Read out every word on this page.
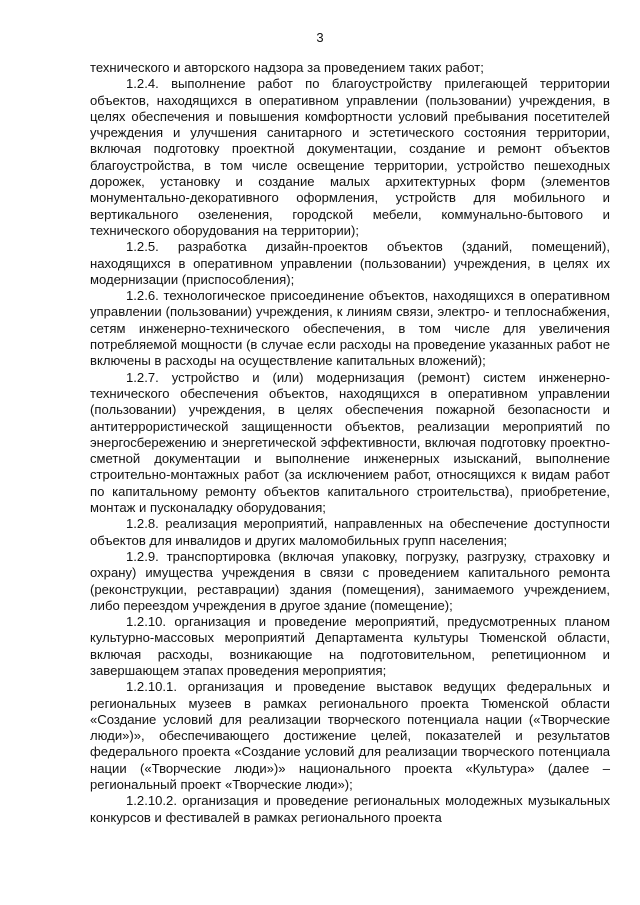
3

технического и авторского надзора за проведением таких работ;

1.2.4. выполнение работ по благоустройству прилегающей территории объектов, находящихся в оперативном управлении (пользовании) учреждения, в целях обеспечения и повышения комфортности условий пребывания посетителей учреждения и улучшения санитарного и эстетического состояния территории, включая подготовку проектной документации, создание и ремонт объектов благоустройства, в том числе освещение территории, устройство пешеходных дорожек, установку и создание малых архитектурных форм (элементов монументально-декоративного оформления, устройств для мобильного и вертикального озеленения, городской мебели, коммунально-бытового и технического оборудования на территории);

1.2.5. разработка дизайн-проектов объектов (зданий, помещений), находящихся в оперативном управлении (пользовании) учреждения, в целях их модернизации (приспособления);

1.2.6. технологическое присоединение объектов, находящихся в оперативном управлении (пользовании) учреждения, к линиям связи, электро- и теплоснабжения, сетям инженерно-технического обеспечения, в том числе для увеличения потребляемой мощности (в случае если расходы на проведение указанных работ не включены в расходы на осуществление капитальных вложений);

1.2.7. устройство и (или) модернизация (ремонт) систем инженерно-технического обеспечения объектов, находящихся в оперативном управлении (пользовании) учреждения, в целях обеспечения пожарной безопасности и антитеррористической защищенности объектов, реализации мероприятий по энергосбережению и энергетической эффективности, включая подготовку проектно-сметной документации и выполнение инженерных изысканий, выполнение строительно-монтажных работ (за исключением работ, относящихся к видам работ по капитальному ремонту объектов капитального строительства), приобретение, монтаж и пусконаладку оборудования;

1.2.8. реализация мероприятий, направленных на обеспечение доступности объектов для инвалидов и других маломобильных групп населения;

1.2.9. транспортировка (включая упаковку, погрузку, разгрузку, страховку и охрану) имущества учреждения в связи с проведением капитального ремонта (реконструкции, реставрации) здания (помещения), занимаемого учреждением, либо переездом учреждения в другое здание (помещение);

1.2.10. организация и проведение мероприятий, предусмотренных планом культурно-массовых мероприятий Департамента культуры Тюменской области, включая расходы, возникающие на подготовительном, репетиционном и завершающем этапах проведения мероприятия;

1.2.10.1. организация и проведение выставок ведущих федеральных и региональных музеев в рамках регионального проекта Тюменской области «Создание условий для реализации творческого потенциала нации («Творческие люди»)», обеспечивающего достижение целей, показателей и результатов федерального проекта «Создание условий для реализации творческого потенциала нации («Творческие люди»)» национального проекта «Культура» (далее – региональный проект «Творческие люди»);

1.2.10.2. организация и проведение региональных молодежных музыкальных конкурсов и фестивалей в рамках регионального проекта
